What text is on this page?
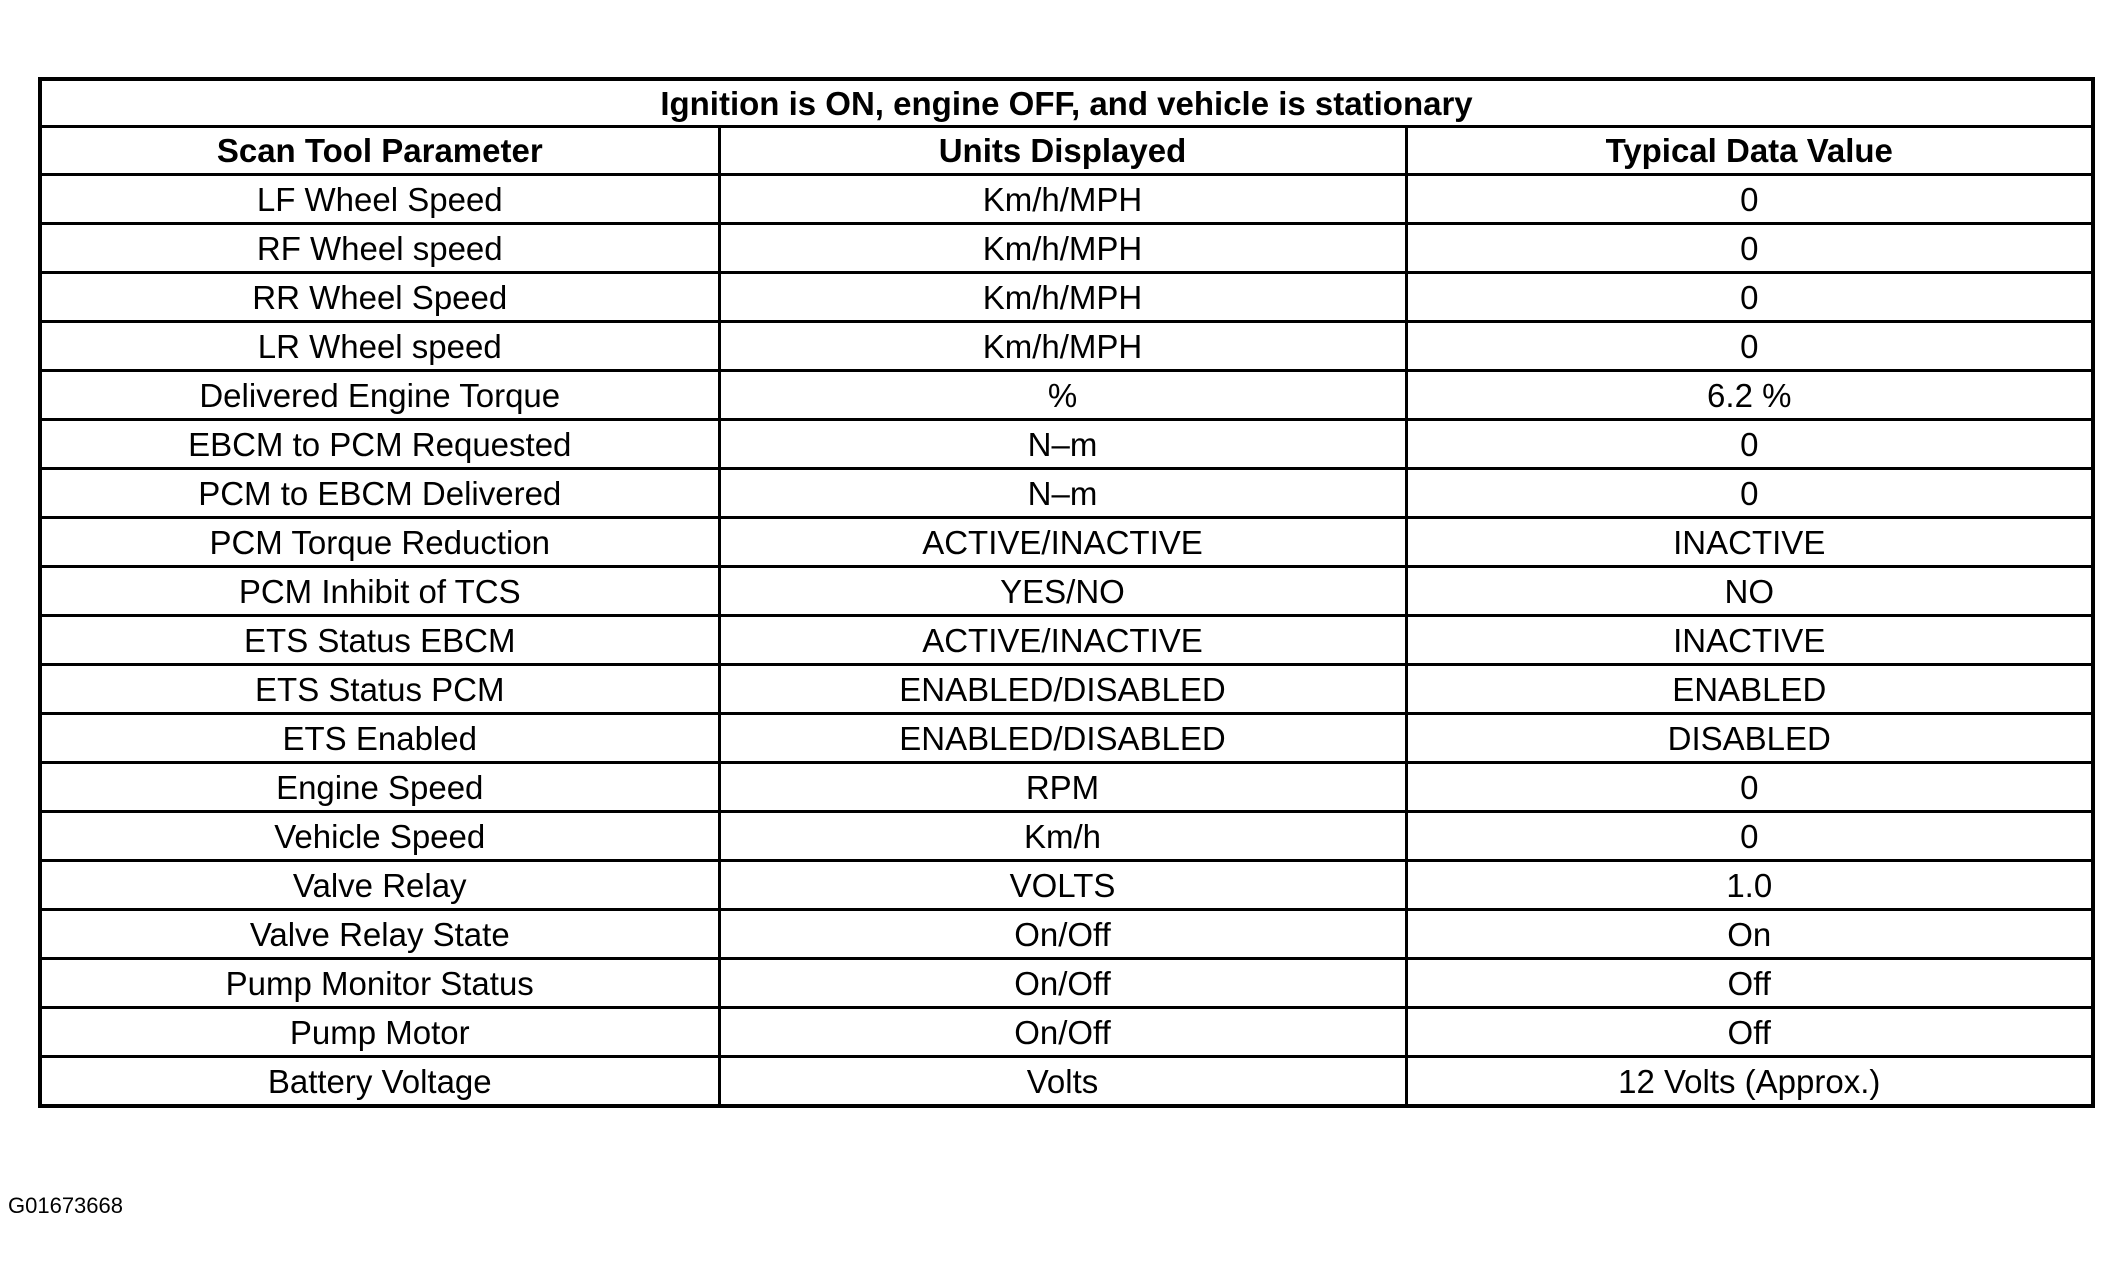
Ignition is ON, engine OFF, and vehicle is stationary		
Scan Tool Parameter	Units Displayed	Typical Data Value
LF Wheel Speed	Km/h/MPH	0
RF Wheel speed	Km/h/MPH	0
RR Wheel Speed	Km/h/MPH	0
LR Wheel speed	Km/h/MPH	0
Delivered Engine Torque	%	6.2 %
EBCM to PCM Requested	N–m	0
PCM to EBCM Delivered	N–m	0
PCM Torque Reduction	ACTIVE/INACTIVE	INACTIVE
PCM Inhibit of TCS	YES/NO	NO
ETS Status EBCM	ACTIVE/INACTIVE	INACTIVE
ETS Status PCM	ENABLED/DISABLED	ENABLED
ETS Enabled	ENABLED/DISABLED	DISABLED
Engine Speed	RPM	0
Vehicle Speed	Km/h	0
Valve Relay	VOLTS	1.0
Valve Relay State	On/Off	On
Pump Monitor Status	On/Off	Off
Pump Motor	On/Off	Off
Battery Voltage	Volts	12 Volts (Approx.)
G01673668
